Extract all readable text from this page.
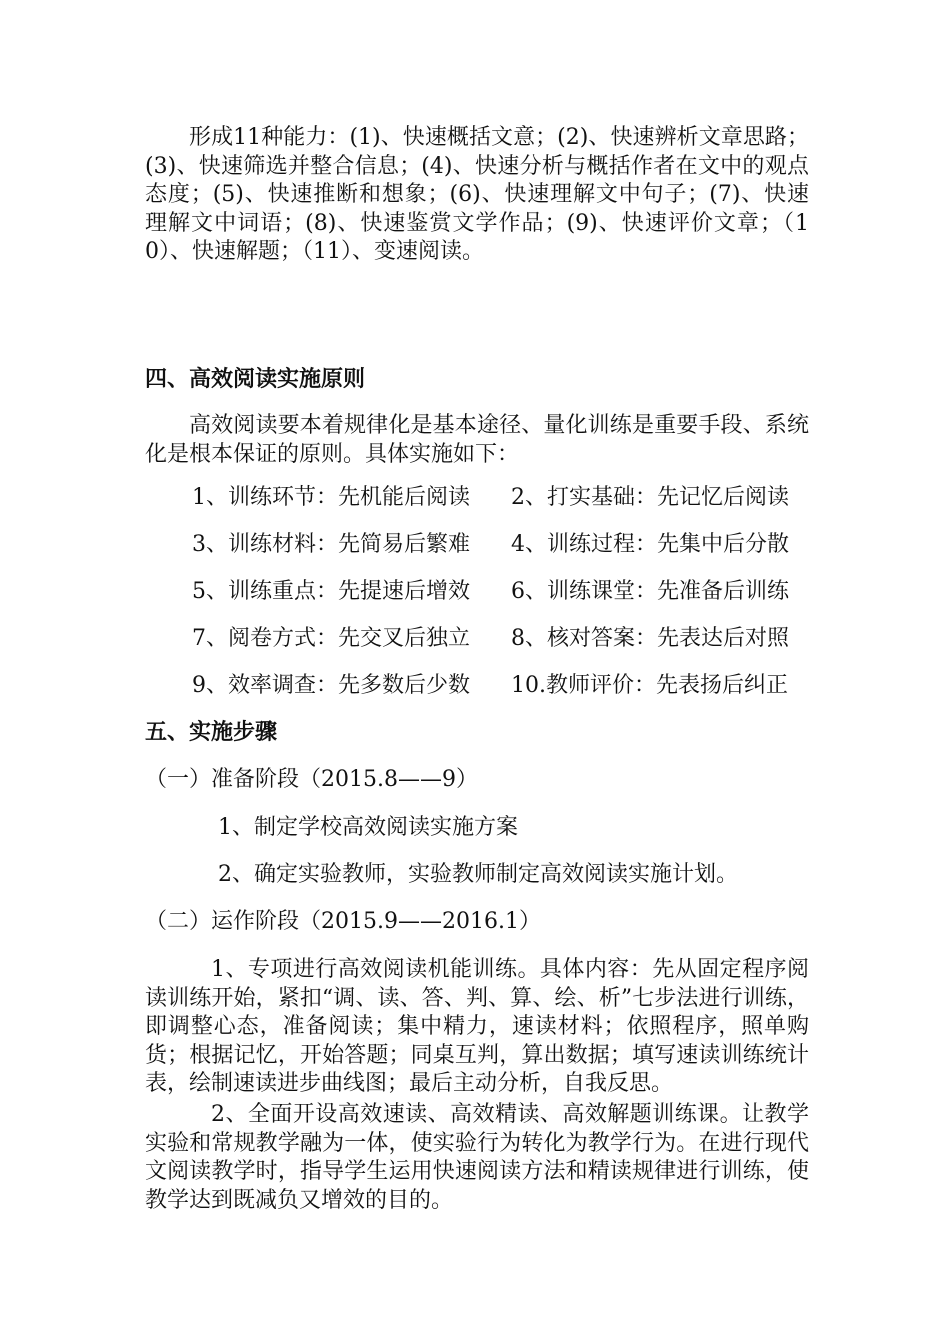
形成11种能力：(1)、快速概括文意；(2)、快速辨析文章思路；(3)、快速筛选并整合信息；(4)、快速分析与概括作者在文中的观点态度；(5)、快速推断和想象；(6)、快速理解文中句子；(7)、快速理解文中词语；(8)、快速鉴赏文学作品；(9)、快速评价文章；（10）、快速解题；（11）、变速阅读。

四、高效阅读实施原则

高效阅读要本着规律化是基本途径、量化训练是重要手段、系统化是根本保证的原则。具体实施如下：

1、训练环节：先机能后阅读 2、打实基础：先记忆后阅读
3、训练材料：先简易后繁难 4、训练过程：先集中后分散
5、训练重点：先提速后增效 6、训练课堂：先准备后训练
7、阅卷方式：先交叉后独立 8、核对答案：先表达后对照
9、效率调查：先多数后少数 10.教师评价：先表扬后纠正
五、实施步骤
（一）准备阶段（2015.8——9）
1、制定学校高效阅读实施方案
2、确定实验教师，实验教师制定高效阅读实施计划。
（二）运作阶段（2015.9——2016.1）

1、专项进行高效阅读机能训练。具体内容：先从固定程序阅读训练开始，紧扣“调、读、答、判、算、绘、析”七步法进行训练，即调整心态，准备阅读；集中精力，速读材料；依照程序，照单购货；根据记忆，开始答题；同桌互判，算出数据；填写速读训练统计表，绘制速读进步曲线图；最后主动分析，自我反思。

2、全面开设高效速读、高效精读、高效解题训练课。让教学实验和常规教学融为一体，使实验行为转化为教学行为。在进行现代文阅读教学时，指导学生运用快速阅读方法和精读规律进行训练，使教学达到既减负又增效的目的。
